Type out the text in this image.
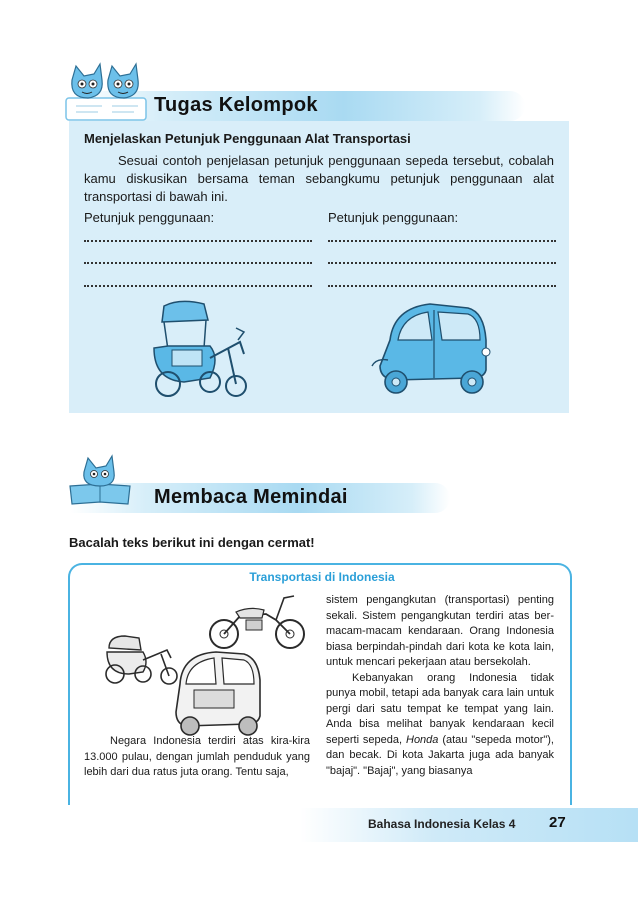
Tugas Kelompok
Menjelaskan Petunjuk Penggunaan Alat Transportasi
Sesuai contoh penjelasan petunjuk penggunaan sepeda tersebut, cobalah kamu diskusikan bersama teman sebangkumu petunjuk penggunaan alat transportasi di bawah ini.
Petunjuk penggunaan:	Petunjuk penggunaan:
Membaca Memindai
Bacalah teks berikut ini dengan cermat!
Transportasi di Indonesia

Negara Indonesia terdiri atas kira-kira 13.000 pulau, dengan jumlah penduduk yang lebih dari dua ratus juta orang. Tentu saja,

sistem pengangkutan (transportasi) penting sekali. Sistem pengangkutan terdiri atas ber-macam-macam kendaraan. Orang Indonesia biasa berpindah-pindah dari kota ke kota lain, untuk mencari pekerjaan atau bersekolah.

Kebanyakan orang Indonesia tidak punya mobil, tetapi ada banyak cara lain untuk pergi dari satu tempat ke tempat yang lain. Anda bisa melihat banyak kendaraan kecil seperti sepeda, Honda (atau "sepeda motor"), dan becak. Di kota Jakarta juga ada banyak "bajaj". "Bajaj", yang biasanya

Bahasa Indonesia Kelas 4 27
